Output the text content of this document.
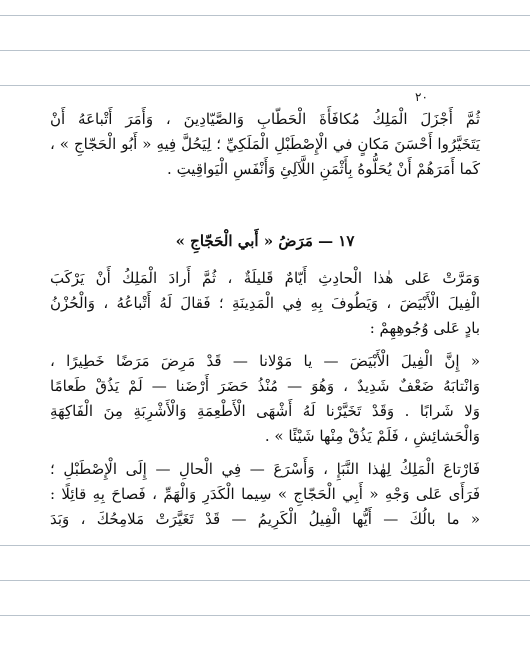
٢٠
ثُمَّ أَجْزَلَ الْمَلِكُ مُكافَأَةَ الْحَطّابِ وَالصَّيّادِينَ ، وَأَمَرَ أَتْباعَهُ أَنْ
يَتَخَيَّرُوا أَحْسَنَ مَكانٍ في الْإِصْطَبْلِ الْمَلَكِيِّ ؛ لِيَحُلَّ فِيهِ « أَبُو الْحَجّاجِ » ،
كَما أَمَرَهُمْ أَنْ يُحَلُّوهُ بِأَثْمَنِ اللَّآلِئِ وَأَنْفَسِ الْيَواقِيتِ .
١٧ — مَرَضُ « أَبي الْحَجّاجِ »
وَمَرَّتْ عَلى هٰذا الْحادِثِ أَيّامٌ قَليلَةٌ ، ثُمَّ أَرادَ الْمَلِكُ أَنْ يَرْكَبَ
الْفِيلَ الْأَبْيَضَ ، وَيَطُوفَ بِهِ فِي الْمَدِينَةِ ؛ فَقالَ لَهُ أَتْباعُهُ ، وَالْحُزْنُ
بادٍ عَلى وُجُوهِهِمْ :
« إِنَّ الْفِيلَ الْأَبْيَضَ — يا مَوْلانا — قَدْ مَرِضَ مَرَضًا خَطِيرًا ،
وَانْتابَهُ ضَعْفٌ شَدِيدٌ ، وَهُوَ — مُنْذُ حَضَرَ أَرْضَنا — لَمْ يَذُقْ طَعامًا
وَلا شَرابًا . وَقَدْ تَخَيَّرْنا لَهُ أَشْهَى الْأَطْعِمَةِ وَالْأَشْرِبَةِ مِنَ الْفَاكِهَةِ
وَالْحَشائِشِ ، فَلَمْ يَذُقْ مِنْها شَيْئًا » .
فَارْتاعَ الْمَلِكُ لِهٰذا النَّبَإِ ، وَأَسْرَعَ — فِي الْحالِ — إِلَى الْإِصْطَبْلِ ؛
فَرَأَى عَلى وَجْهِ « أَبِي الْحَجّاجِ » سِيما الْكَدَرِ وَالْهَمِّ ، فَصاحَ بِهِ قائِلًا :
« ما بالُكَ — أَيُّها الْفِيلُ الْكَرِيمُ — قَدْ تَغَيَّرَتْ مَلامِحُكَ ، وَبَدَ
